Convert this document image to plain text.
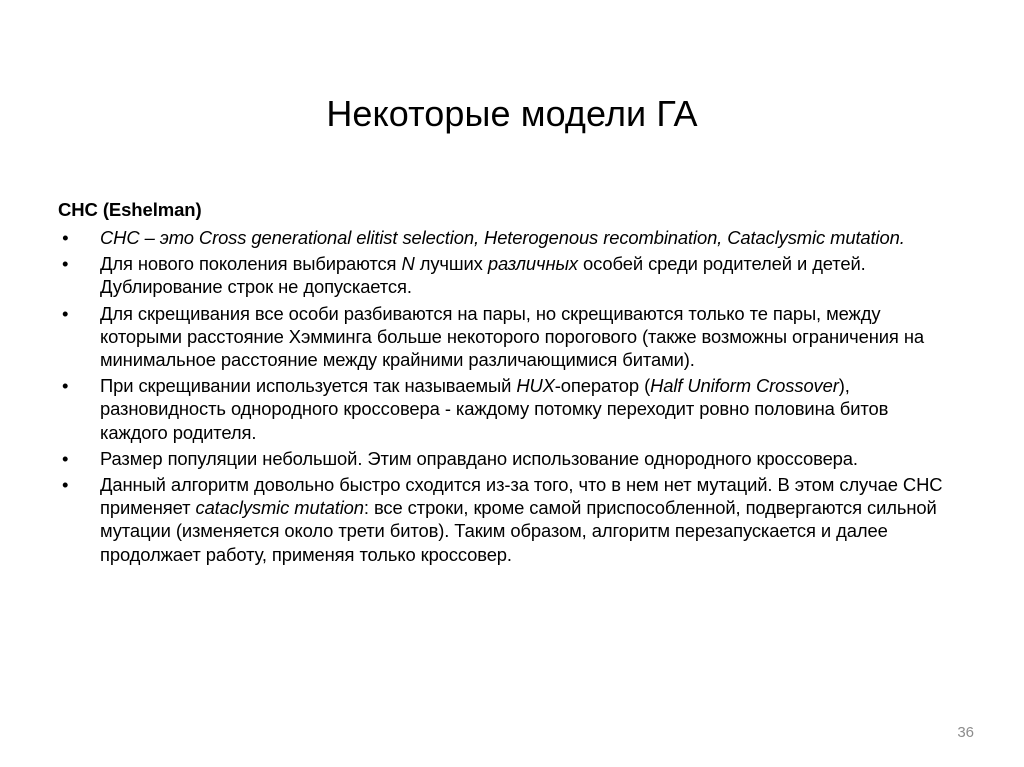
Некоторые модели ГА
CHC (Eshelman)
• CHC – это Cross generational elitist selection, Heterogenous recombination, Cataclysmic mutation.
• Для нового поколения выбираются N лучших различных особей среди родителей и детей. Дублирование строк не допускается.
• Для скрещивания все особи разбиваются на пары, но скрещиваются только те пары, между которыми расстояние Хэмминга больше некоторого порогового (также возможны ограничения на минимальное расстояние между крайними различающимися битами).
• При скрещивании используется так называемый HUX-оператор (Half Uniform Crossover), разновидность однородного кроссовера - каждому потомку переходит ровно половина битов каждого родителя.
• Размер популяции небольшой. Этим оправдано использование однородного кроссовера.
• Данный алгоритм довольно быстро сходится из-за того, что в нем нет мутаций. В этом случае CHC применяет cataclysmic mutation: все строки, кроме самой приспособленной, подвергаются сильной мутации (изменяется около трети битов). Таким образом, алгоритм перезапускается и далее продолжает работу, применяя только кроссовер.
36
